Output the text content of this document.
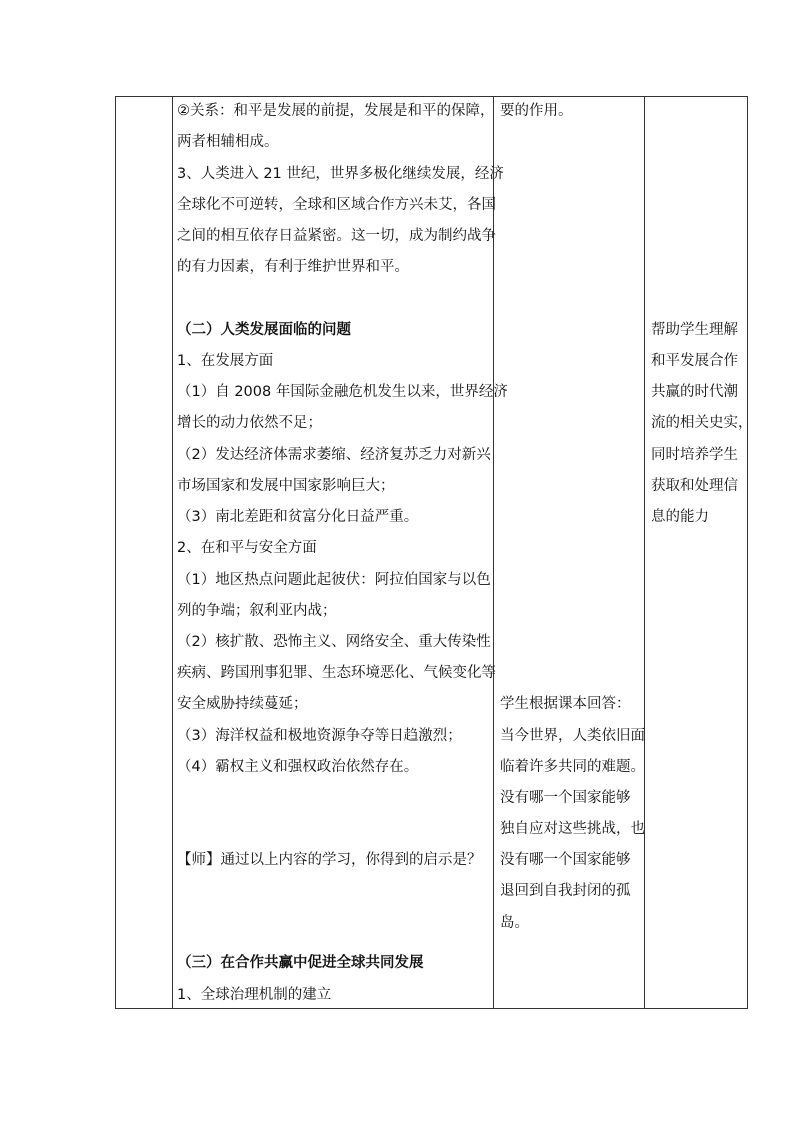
②关系：和平是发展的前提，发展是和平的保障，
两者相辅相成。
3、人类进入 21 世纪，世界多极化继续发展，经济
全球化不可逆转，全球和区域合作方兴未艾，各国
之间的相互依存日益紧密。这一切，成为制约战争
的有力因素，有利于维护世界和平。
（二）人类发展面临的问题
1、在发展方面
（1）自 2008 年国际金融危机发生以来，世界经济
增长的动力依然不足；
（2）发达经济体需求萎缩、经济复苏乏力对新兴
市场国家和发展中国家影响巨大；
（3）南北差距和贫富分化日益严重。
2、在和平与安全方面
（1）地区热点问题此起彼伏：阿拉伯国家与以色
列的争端；叙利亚内战；
（2）核扩散、恐怖主义、网络安全、重大传染性
疾病、跨国刑事犯罪、生态环境恶化、气候变化等
安全威胁持续蔓延；
（3）海洋权益和极地资源争夺等日趋激烈；
（4）霸权主义和强权政治依然存在。
【师】通过以上内容的学习，你得到的启示是？
（三）在合作共赢中促进全球共同发展
1、全球治理机制的建立
要的作用。
学生根据课本回答：
当今世界，人类依旧面
临着许多共同的难题。
没有哪一个国家能够
独自应对这些挑战，也
没有哪一个国家能够
退回到自我封闭的孤
岛。
帮助学生理解
和平发展合作
共赢的时代潮
流的相关史实，
同时培养学生
获取和处理信
息的能力
